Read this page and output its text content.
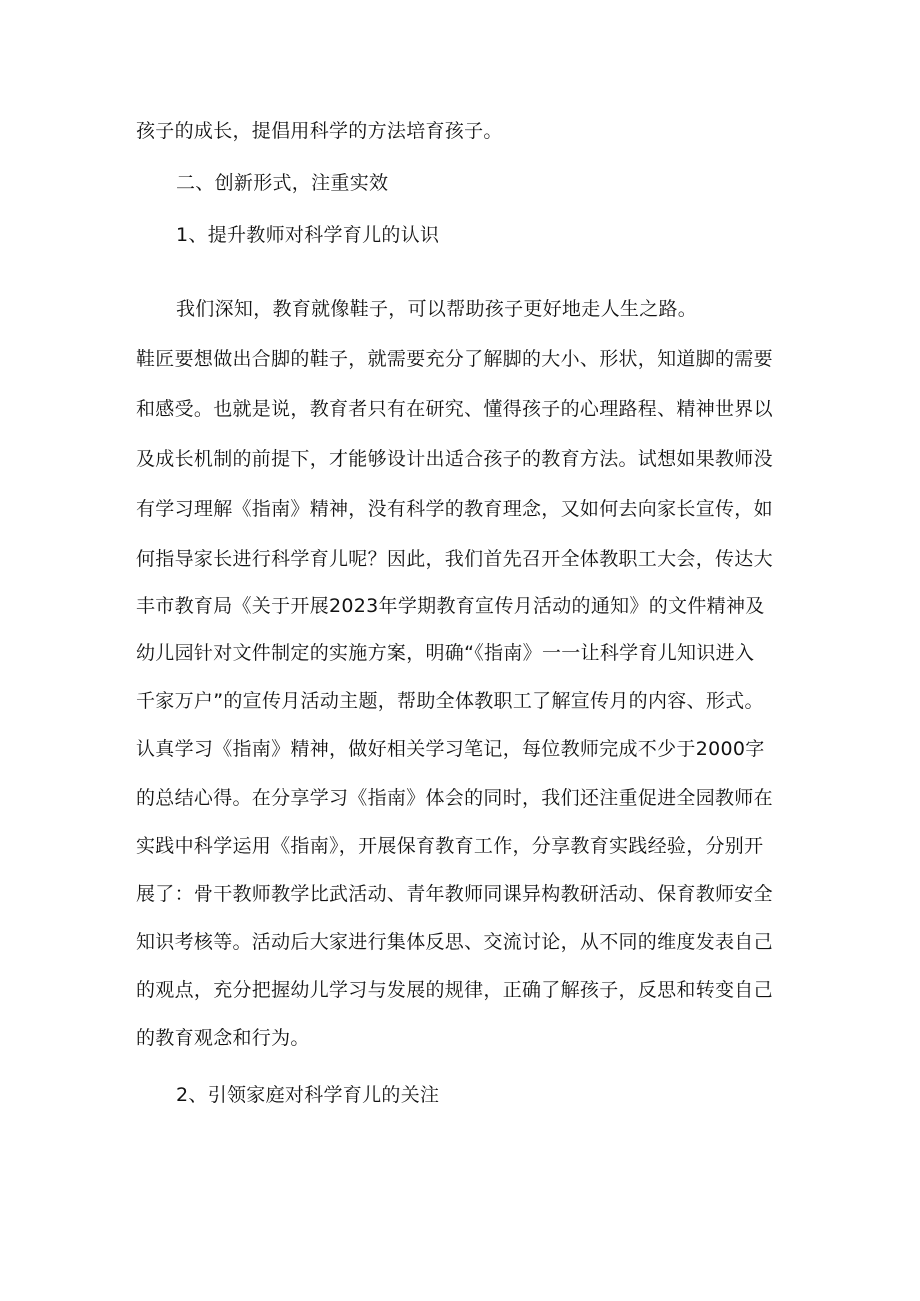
孩子的成长，提倡用科学的方法培育孩子。
二、创新形式，注重实效
1、提升教师对科学育儿的认识
我们深知，教育就像鞋子，可以帮助孩子更好地走人生之路。
鞋匠要想做出合脚的鞋子，就需要充分了解脚的大小、形状，知道脚的需要
和感受。也就是说，教育者只有在研究、懂得孩子的心理路程、精神世界以
及成长机制的前提下，才能够设计出适合孩子的教育方法。试想如果教师没
有学习理解《指南》精神，没有科学的教育理念，又如何去向家长宣传，如
何指导家长进行科学育儿呢？因此，我们首先召开全体教职工大会，传达大
丰市教育局《关于开展2023年学期教育宣传月活动的通知》的文件精神及
幼儿园针对文件制定的实施方案，明确“《指南》一一让科学育儿知识进入
千家万户”的宣传月活动主题，帮助全体教职工了解宣传月的内容、形式。
认真学习《指南》精神，做好相关学习笔记，每位教师完成不少于2000字
的总结心得。在分享学习《指南》体会的同时，我们还注重促进全园教师在
实践中科学运用《指南》，开展保育教育工作，分享教育实践经验，分别开
展了：骨干教师教学比武活动、青年教师同课异构教研活动、保育教师安全
知识考核等。活动后大家进行集体反思、交流讨论，从不同的维度发表自己
的观点，充分把握幼儿学习与发展的规律，正确了解孩子，反思和转变自己
的教育观念和行为。
2、引领家庭对科学育儿的关注
